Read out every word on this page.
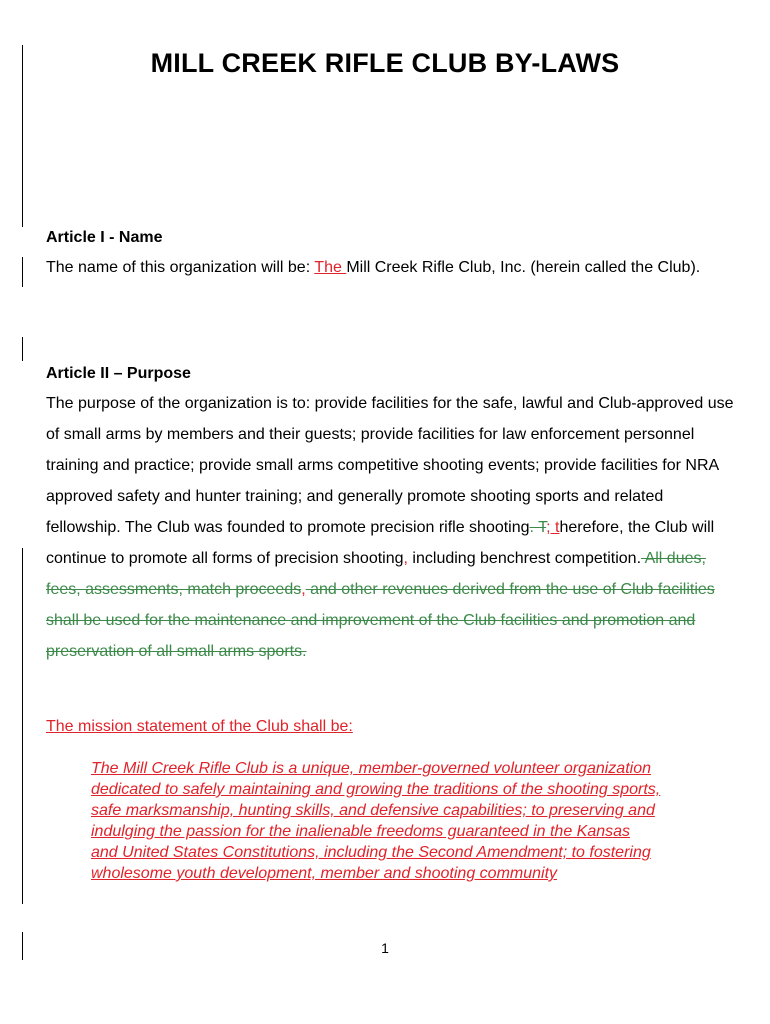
MILL CREEK RIFLE CLUB BY-LAWS
Article I - Name
The name of this organization will be: The Mill Creek Rifle Club, Inc. (herein called the Club).
Article II – Purpose
The purpose of the organization is to: provide facilities for the safe, lawful and Club-approved use of small arms by members and their guests; provide facilities for law enforcement personnel training and practice; provide small arms competitive shooting events; provide facilities for NRA approved safety and hunter training; and generally promote shooting sports and related fellowship. The Club was founded to promote precision rifle shooting. T; therefore, the Club will continue to promote all forms of precision shooting, including benchrest competition. All dues, fees, assessments, match proceeds, and other revenues derived from the use of Club facilities shall be used for the maintenance and improvement of the Club facilities and promotion and preservation of all small arms sports.
The mission statement of the Club shall be:
The Mill Creek Rifle Club is a unique, member-governed volunteer organization dedicated to safely maintaining and growing the traditions of the shooting sports, safe marksmanship, hunting skills, and defensive capabilities; to preserving and indulging the passion for the inalienable freedoms guaranteed in the Kansas and United States Constitutions, including the Second Amendment; to fostering wholesome youth development, member and shooting community
1
